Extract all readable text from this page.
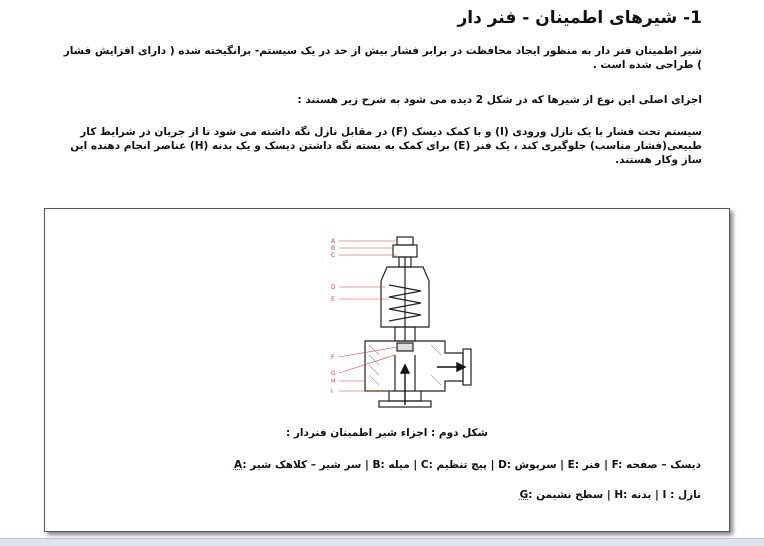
1- شیرهای اطمینان - فنر دار
شیر اطمینان فنر دار به منظور ایجاد محافظت در برابر فشار بیش از حد در یک سیستم- برانگیخته شده ( دارای افزایش فشار ) طراحی شده است .
اجزای اصلی این نوع از شیرها که در شکل 2 دیده می شود به شرح زیر هستند :
سیستم تحت فشار با یک نازل ورودی (I) و با کمک دیسک (F) در مقابل نازل نگه داشته می شود تا از جریان در شرایط کار طبیعی(فشار مناسب) جلوگیری کند ، یک فنر (E) برای کمک به بسته نگه داشتن دیسک و یک بدنه (H) عناصر انجام دهنده این ساز وکار هستند.
A
B
C
D
E
F
G
H
I
شکل دوم : اجزاء شیر اطمینان فنردار :
A: سر شیر – کلاهک شیر | B: میله | C: پیچ تنظیم | D: سرپوش | E: فنر | F: دیسک – صفحه
G: سطح نشیمن | H: بدنه | I : نازل
